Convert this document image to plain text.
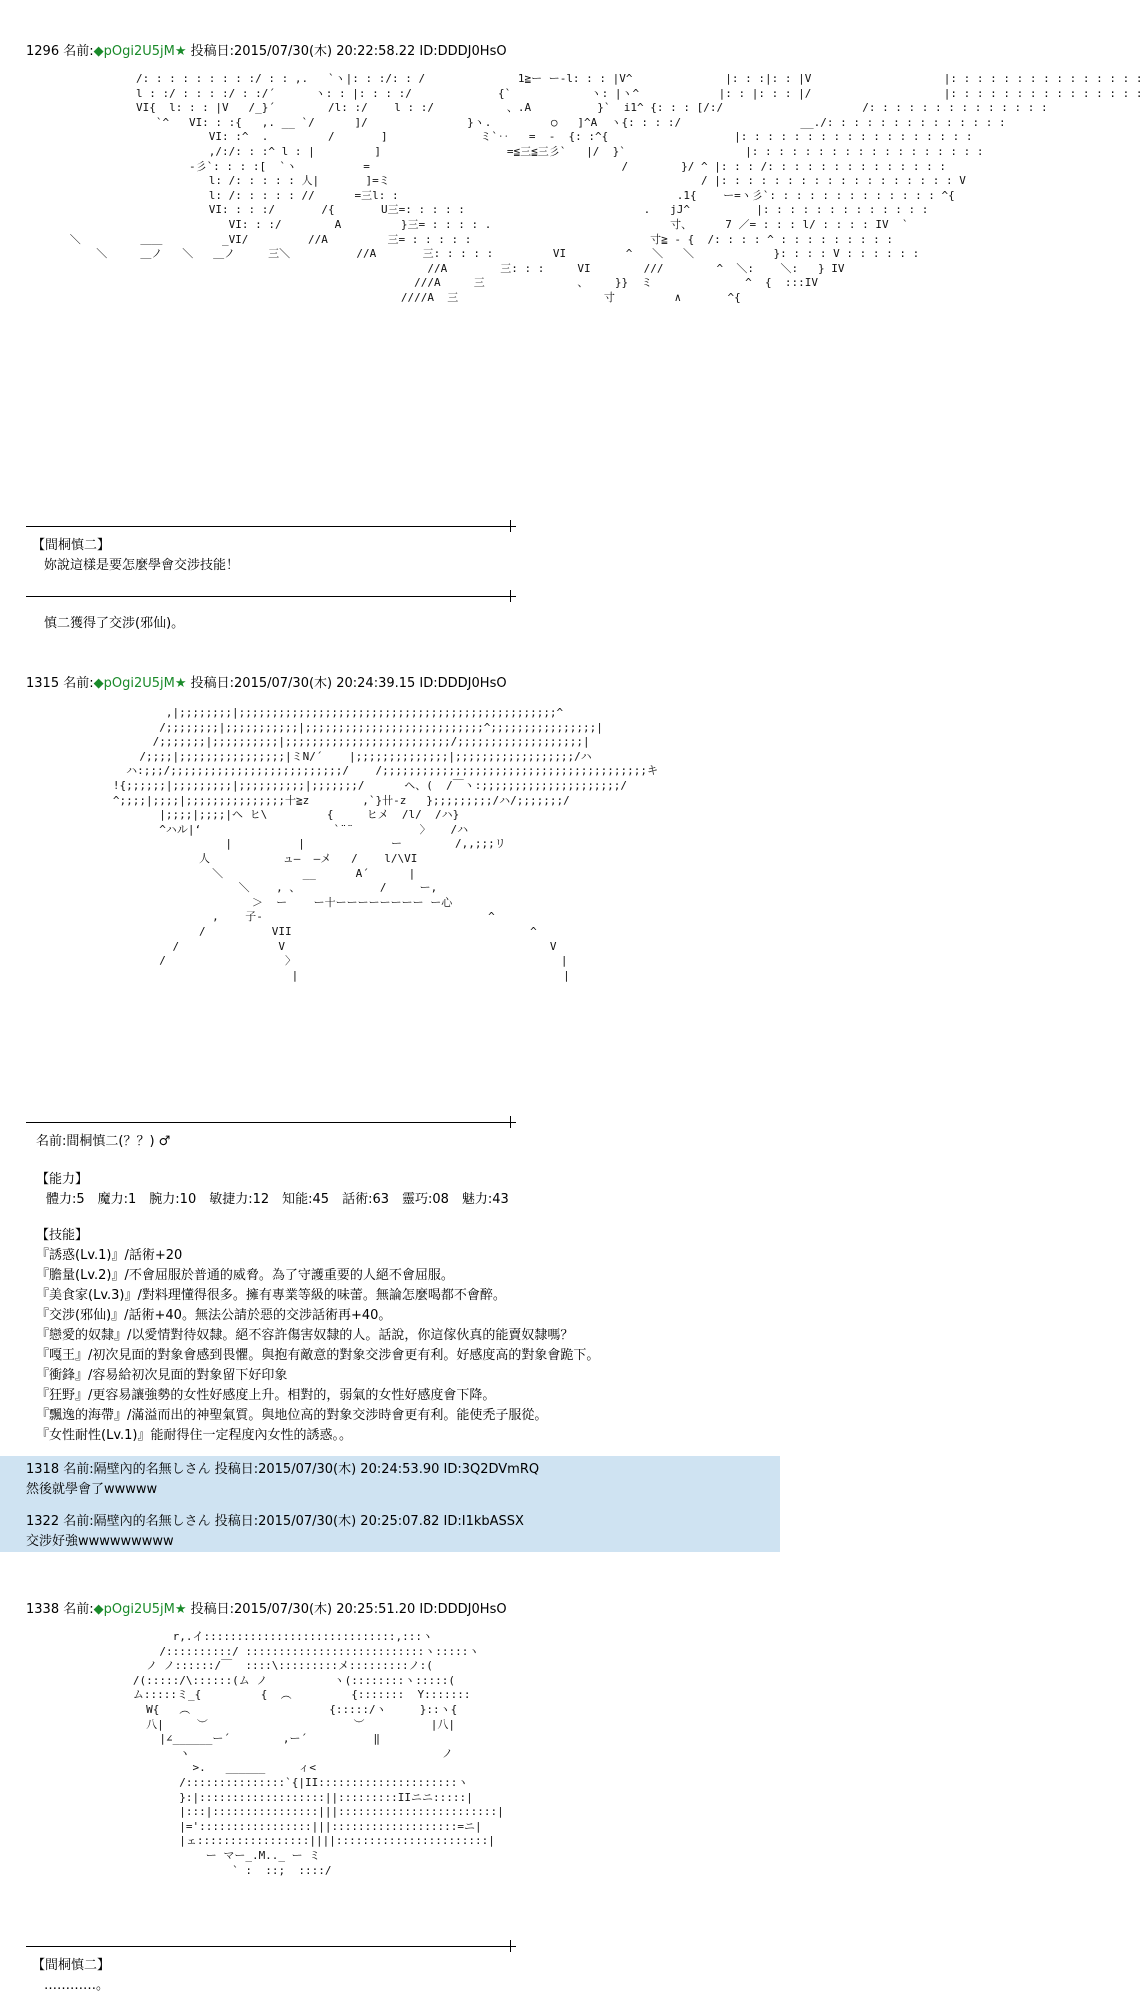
1296 名前:◆pOgi2U5jM★ 投稿日:2015/07/30(木) 20:22:58.22 ID:DDDJ0HsO
/: : : : : : : : :/ : : ,.   `ヽ|: : :/: : /              1≧ー ー-l: : : |V^              |: : :|: : |V                    |: : : : : : : : : : : : : : :
l : :/ : : : :/ : :/´      ヽ: : |: : : :/             {`            ヽ: |ヽ^            |: : |: : : |/                    |: : : : : : : : : : : : : : :
VI{  l: : : |V   /_}´        /l: :/    l : :/           、.A          }`  i1^ {: : : [/:/                     /: : : : : : : : : : : : : :
`^   VI: : :{   ,. __ `/      ]/               }ヽ.         ○   ]^A  ヽ{: : : :/                  __./: : : : : : : : : : : : : :
VI: :^  .         /       ]              ミ`‥   =  ‐  {: :^{                   |: : : : : : : : : : : : : : : : : :
,/:/: : :^ l : |         ]                   =≦三≦三彡`   |/  }`                  |: : : : : : : : : : : : : : : : : :
-彡`: : : :[  `ヽ          =                                      /        }/ ^ |: : : /: : : : : : : : : : : : : :
l: /: : : : : 人|       ]=ミ                                               / |: : : : : : : : : : : : : : : : : : V
l: /: : : : : //      =三l: :                                          .1{    ー=ヽ彡`: : : : : : : : : : : : : ^{
VI: : : :/       /{       U三=: : : : :                           .   jJ^          |: : : : : : : : : : : : :
VI: : :/        A         }三= : : : : .                           寸、     7 ／= : : : l/ : : : : IV  `
＼         ＿＿         _VI/         //A         三= : : : : :                           寸≧ - {  /: : : : ^ : : : : : : : : :
＼     ＿ノ   ＼   ＿ノ     三＼          //A       三: : : : :         VI         ^   ＼   ＼            }: : : : V : : : : : :
//A        三: : :     VI        ///        ^  ＼:    ＼:   } IV
///A     三              、    }}  ミ              ^  {  :::IV
////A  三                      寸         ∧       ^{
【間桐慎二】
妳說這樣是要怎麼學會交涉技能！
慎二獲得了交涉(邪仙)。
1315 名前:◆pOgi2U5jM★ 投稿日:2015/07/30(木) 20:24:39.15 ID:DDDJ0HsO
,|;;;;;;;;|;;;;;;;;;;;;;;;;;;;;;;;;;;;;;;;;;;;;;;;;;;;;;;;;^
/;;;;;;;;|;;;;;;;;;;;|;;;;;;;;;;;;;;;;;;;;;;;;;;;^;;;;;;;;;;;;;;;;|
/;;;;;;;|;;;;;;;;;;|;;;;;;;;;;;;;;;;;;;;;;;;;/;;;;;;;;;;;;;;;;;;;|
/;;;;|;;;;;;;;;;;;;;;;|ミN/´    |;;;;;;;;;;;;;;|;;;;;;;;;;;;;;;;;;/ハ
ハ:;;;/;;;;;;;;;;;;;;;;;;;;;;;;;;/    /;;;;;;;;;;;;;;;;;;;;;;;;;;;;;;;;;;;;;;;;キ
!{;;;;;;|;;;;;;;;;|;;;;;;;;;;|;;;;;;;/      ヘ、(  /￣ヽ:;;;;;;;;;;;;;;;;;;;;;/
^;;;;|;;;;|;;;;;;;;;;;;;;;十≧z        ,`}卄‐z   };;;;;;;;;/ハ/;;;;;;;/
|;;;;|;;;;|ヘ ヒ\         {     ヒメ  /l/  /ハ}
^ハル|‘                    `¨¨          〉   /ハ
|          |             ー        /,,;;;リ
人           ュ―  ―メ   /    l/\VI
＼            __      A´      |
＼    , 、            /     ー,
＞  ー    ー十ーーーーーーーー ー心
,    子-                                  ^
/          VII                                    ^
/               V                                        V
/                  〉                                        |
|                                        |
名前:間桐慎二(？？) ♂
【能力】
體力:5　魔力:1　腕力:10　敏捷力:12　知能:45　話術:63　靈巧:08　魅力:43
【技能】
『誘惑(Lv.1)』/話術+20
『膽量(Lv.2)』/不會屈服於普通的威脅。為了守護重要的人絕不會屈服。
『美食家(Lv.3)』/對料理懂得很多。擁有專業等級的味蕾。無論怎麼喝都不會醉。
『交涉(邪仙)』/話術+40。無法公請於惡的交涉話術再+40。
『戀愛的奴隸』/以愛情對待奴隸。絕不容許傷害奴隸的人。話說，你這傢伙真的能賣奴隸嗎？
『嘎王』/初次見面的對象會感到畏懼。與抱有敵意的對象交涉會更有利。好感度高的對象會跪下。
『衝鋒』/容易給初次見面的對象留下好印象
『狂野』/更容易讓強勢的女性好感度上升。相對的，弱氣的女性好感度會下降。
『飄逸的海帶』/滿溢而出的神聖氣質。與地位高的對象交涉時會更有利。能使禿子服從。
『女性耐性(Lv.1)』能耐得住一定程度內女性的誘惑。。
1318 名前:隔壁內的名無しさん 投稿日:2015/07/30(木) 20:24:53.90 ID:3Q2DVmRQ
然後就學會了wwwww
1322 名前:隔壁內的名無しさん 投稿日:2015/07/30(木) 20:25:07.82 ID:I1kbASSX
交涉好強wwwwwwwww
1338 名前:◆pOgi2U5jM★ 投稿日:2015/07/30(木) 20:25:51.20 ID:DDDJ0HsO
r,.イ:::::::::::::::::::::::::::::,:::ヽ
/::::::::::/ :::::::::::::::::::::::::::ヽ:::::ヽ
ノ ノ::::::/￣  ::::\:::::::::メ:::::::::ノ:(
/(:::::/\::::::(ム ノ          ヽ(::::::::ヽ:::::(
ム:::::ミ_{         {  ︵         {:::::::  Y:::::::
W{   ︵                     {:::::/ヽ     }::ヽ{
八|     ︶                      ︶          |八|
|∠______ー´        ,ー´          ‖
ヽ                                      ノ
>.   ______     ィ<
/:::::::::::::::`{|II:::::::::::::::::::::ヽ
}:|:::::::::::::::::::||:::::::::IIニニ:::::|
|:::|::::::::::::::::|||::::::::::::::::::::::::|
|=':::::::::::::::::|||:::::::::::::::::::=ニ|
|ェ:::::::::::::::::||||:::::::::::::::::::::::|
ー マー_.M.._ ー ミ
` :  ::;  ::::/
【間桐慎二】
…………。
